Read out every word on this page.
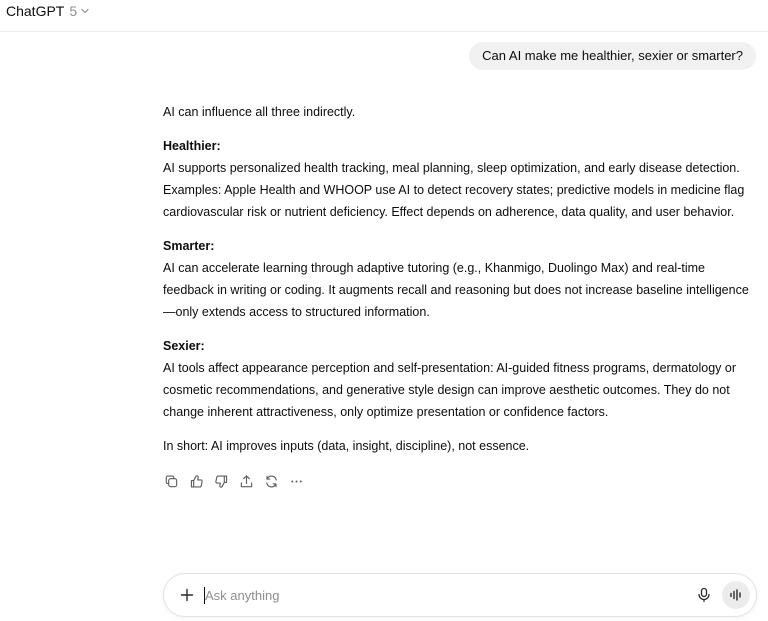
ChatGPT 5
Can AI make me healthier, sexier or smarter?

AI can influence all three indirectly.

Healthier:

AI supports personalized health tracking, meal planning, sleep optimization, and early disease detection.

Examples: Apple Health and WHOOP use AI to detect recovery states; predictive models in medicine flag

cardiovascular risk or nutrient deficiency. Effect depends on adherence, data quality, and user behavior.

Smarter:

AI can accelerate learning through adaptive tutoring (e.g., Khanmigo, Duolingo Max) and real-time

feedback in writing or coding. It augments recall and reasoning but does not increase baseline intelligence

—only extends access to structured information.

Sexier:

AI tools affect appearance perception and self-presentation: AI-guided fitness programs, dermatology or

cosmetic recommendations, and generative style design can improve aesthetic outcomes. They do not

change inherent attractiveness, only optimize presentation or confidence factors.

In short: AI improves inputs (data, insight, discipline), not essence.

Ask anything
